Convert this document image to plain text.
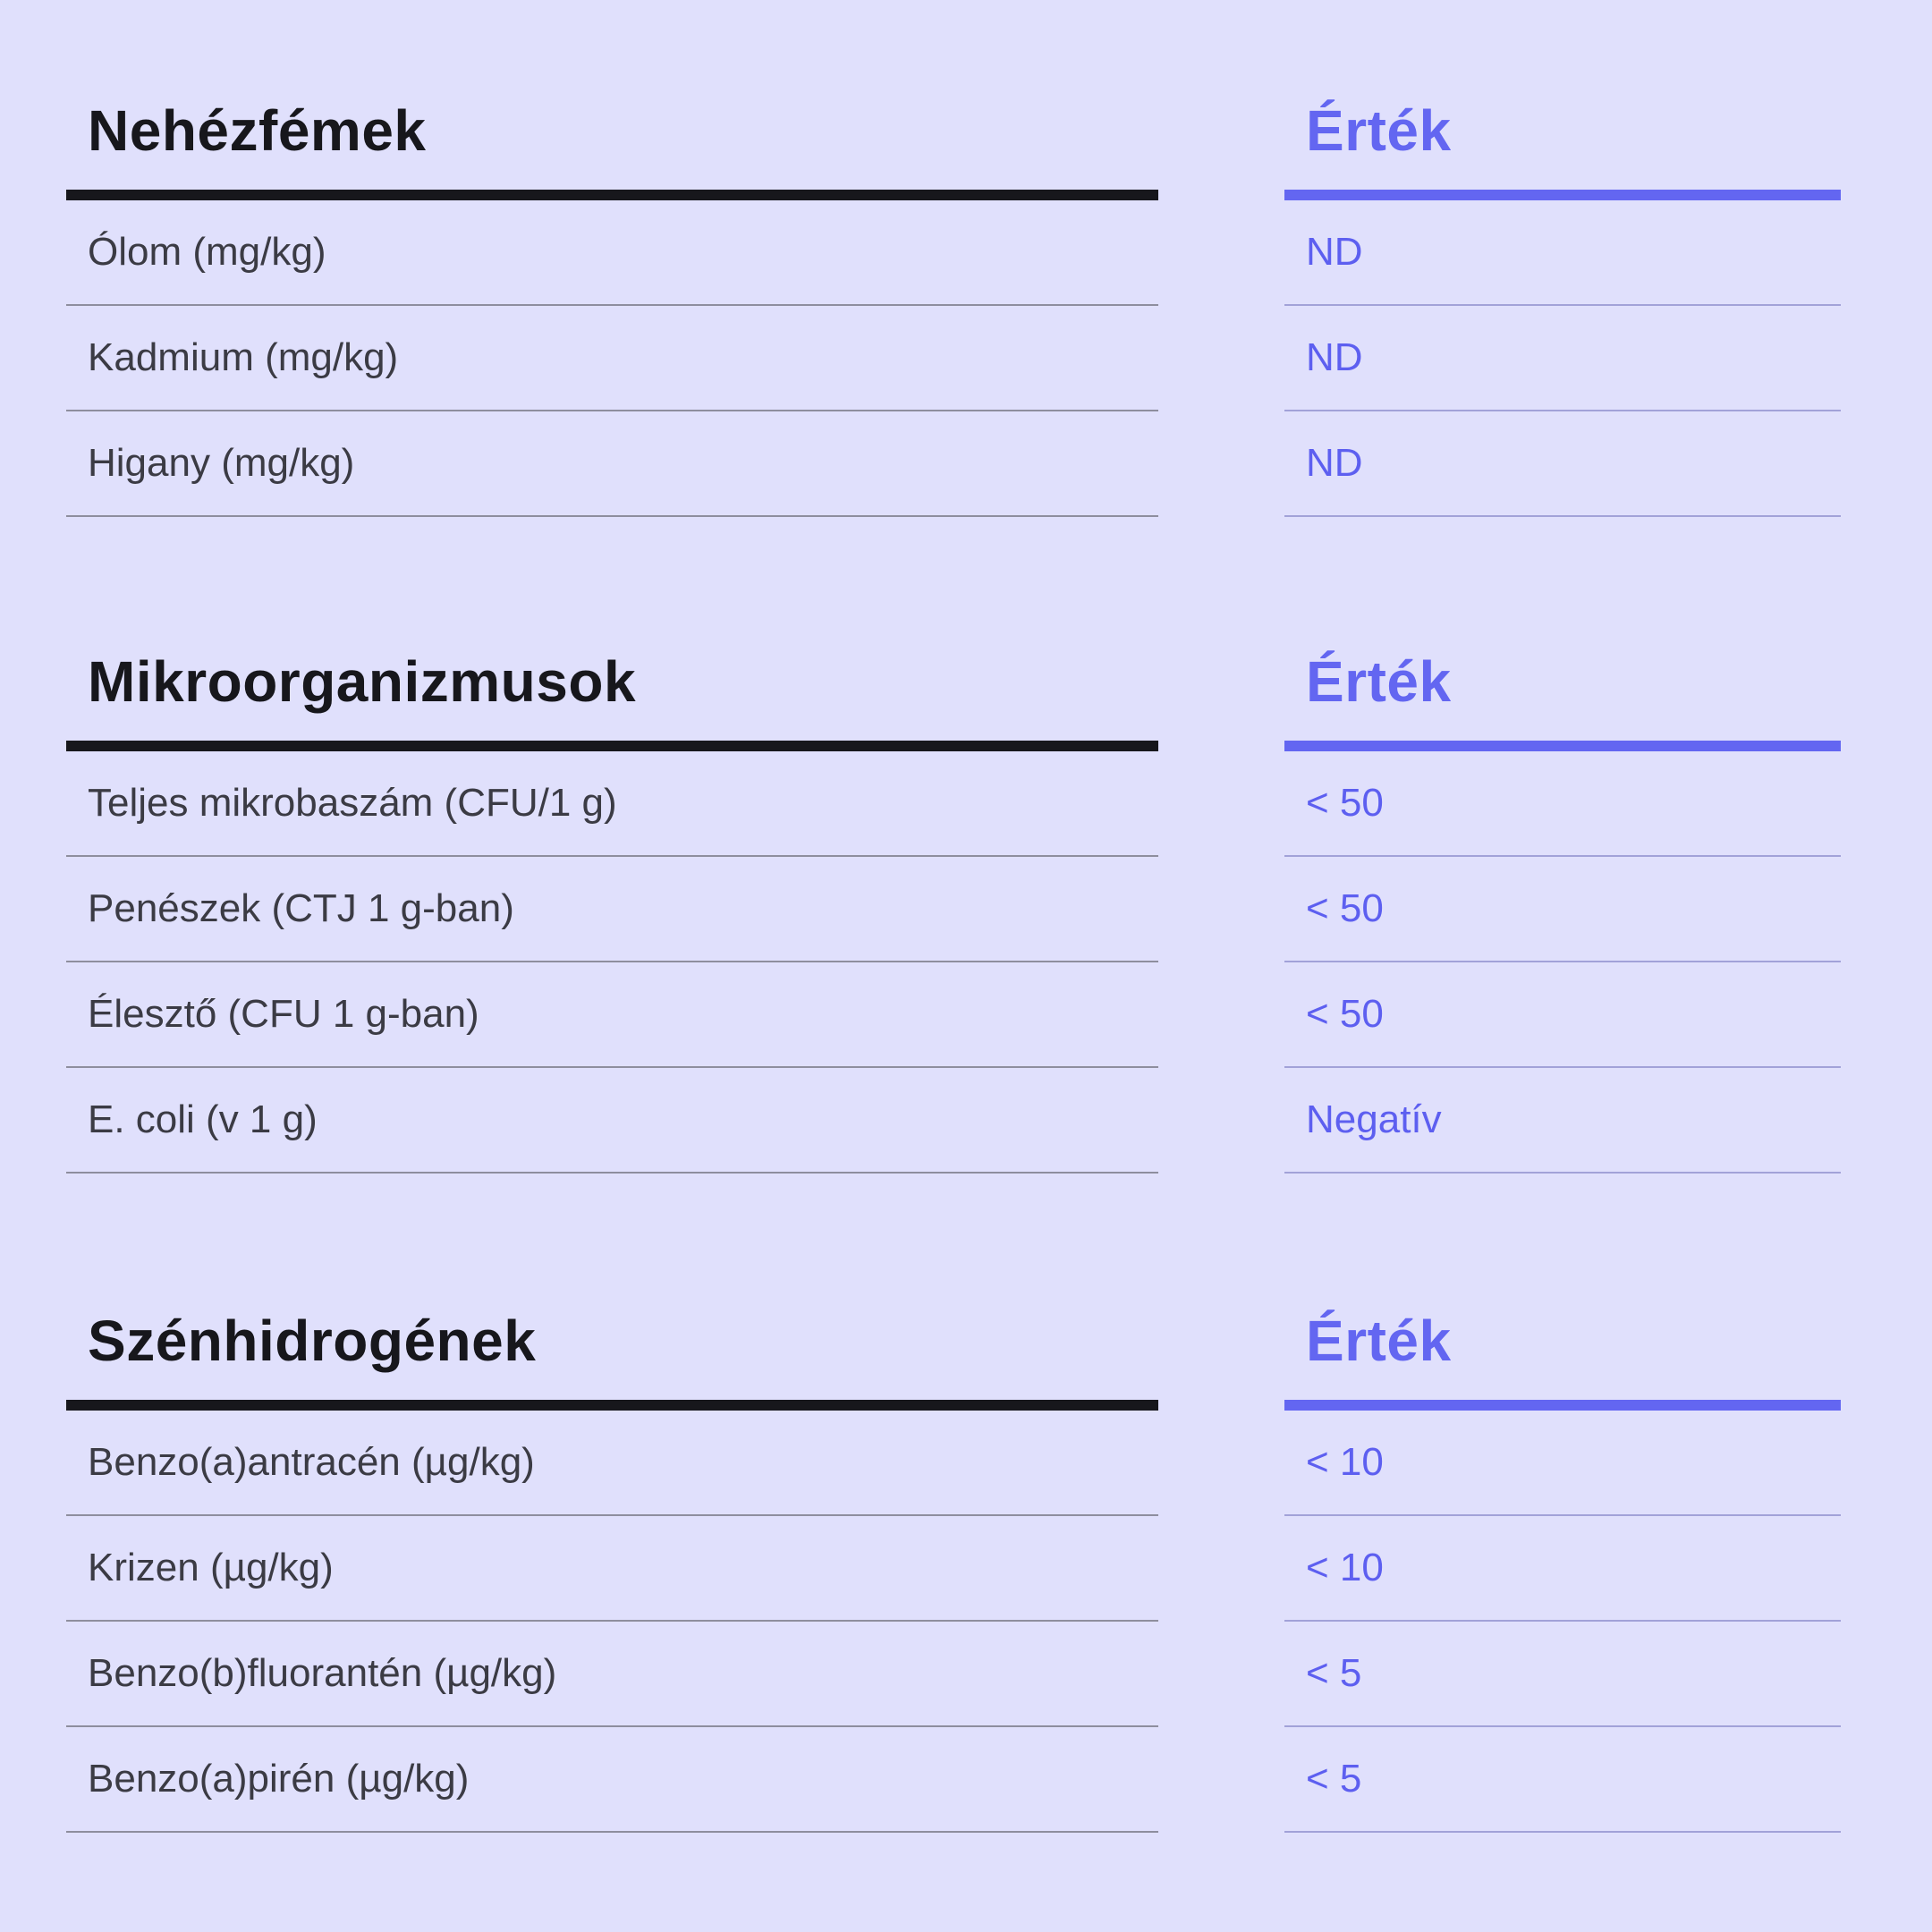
Nehézfémek
Ólom (mg/kg)
Kadmium (mg/kg)
Higany (mg/kg)
Érték
ND
ND
ND
Mikroorganizmusok
Teljes mikrobaszám (CFU/1 g)
Penészek (CTJ 1 g-ban)
Élesztő (CFU 1 g-ban)
E. coli (v 1 g)
Érték
< 50
< 50
< 50
Negatív
Szénhidrogének
Benzo(a)antracén (µg/kg)
Krizen (µg/kg)
Benzo(b)fluorantén (µg/kg)
Benzo(a)pirén (µg/kg)
Érték
< 10
< 10
< 5
< 5
